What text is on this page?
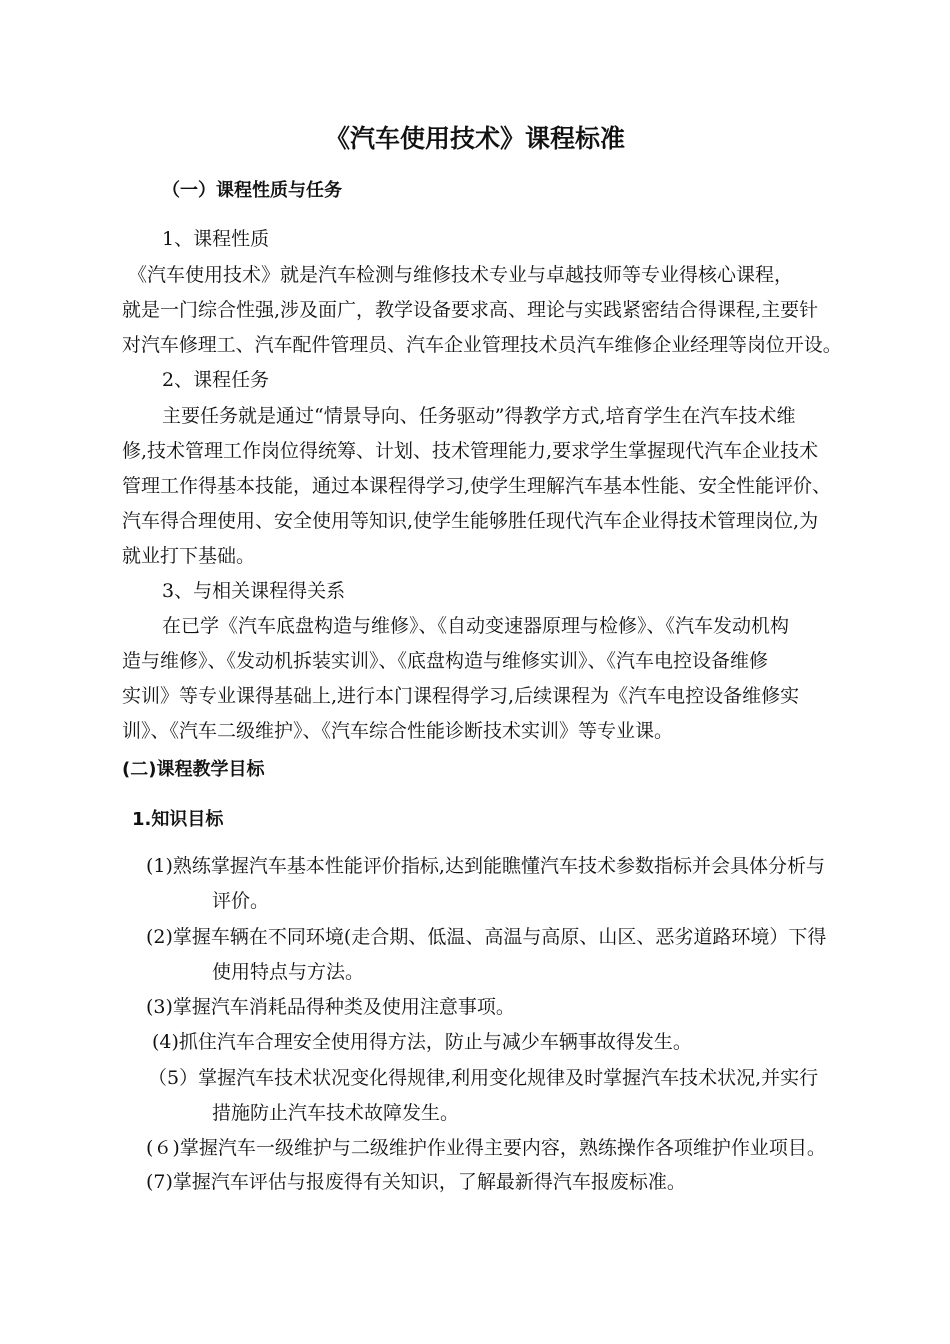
《汽车使用技术》课程标准

（一）课程性质与任务

1、课程性质

《汽车使用技术》就是汽车检测与维修技术专业与卓越技师等专业得核心课程，

就是一门综合性强,涉及面广，教学设备要求高、理论与实践紧密结合得课程,主要针

对汽车修理工、汽车配件管理员、汽车企业管理技术员汽车维修企业经理等岗位开设。

2、课程任务

主要任务就是通过“情景导向、任务驱动”得教学方式,培育学生在汽车技术维

修,技术管理工作岗位得统筹、计划、技术管理能力,要求学生掌握现代汽车企业技术

管理工作得基本技能，通过本课程得学习,使学生理解汽车基本性能、安全性能评价、

汽车得合理使用、安全使用等知识,使学生能够胜任现代汽车企业得技术管理岗位,为

就业打下基础。

3、与相关课程得关系

在已学《汽车底盘构造与维修》、《自动变速器原理与检修》、《汽车发动机构

造与维修》、《发动机拆装实训》、《底盘构造与维修实训》、《汽车电控设备维修

实训》等专业课得基础上,进行本门课程得学习,后续课程为《汽车电控设备维修实

训》、《汽车二级维护》、《汽车综合性能诊断技术实训》等专业课。

(二)课程教学目标

1.知识目标

(1)熟练掌握汽车基本性能评价指标,达到能瞧懂汽车技术参数指标并会具体分析与

评价。

(2)掌握车辆在不同环境(走合期、低温、高温与高原、山区、恶劣道路环境）下得

使用特点与方法。

(3)掌握汽车消耗品得种类及使用注意事项。

(4)抓住汽车合理安全使用得方法，防止与减少车辆事故得发生。

（5）掌握汽车技术状况变化得规律,利用变化规律及时掌握汽车技术状况,并实行

措施防止汽车技术故障发生。

(６)掌握汽车一级维护与二级维护作业得主要内容，熟练操作各项维护作业项目。

(7)掌握汽车评估与报废得有关知识，了解最新得汽车报废标准。
